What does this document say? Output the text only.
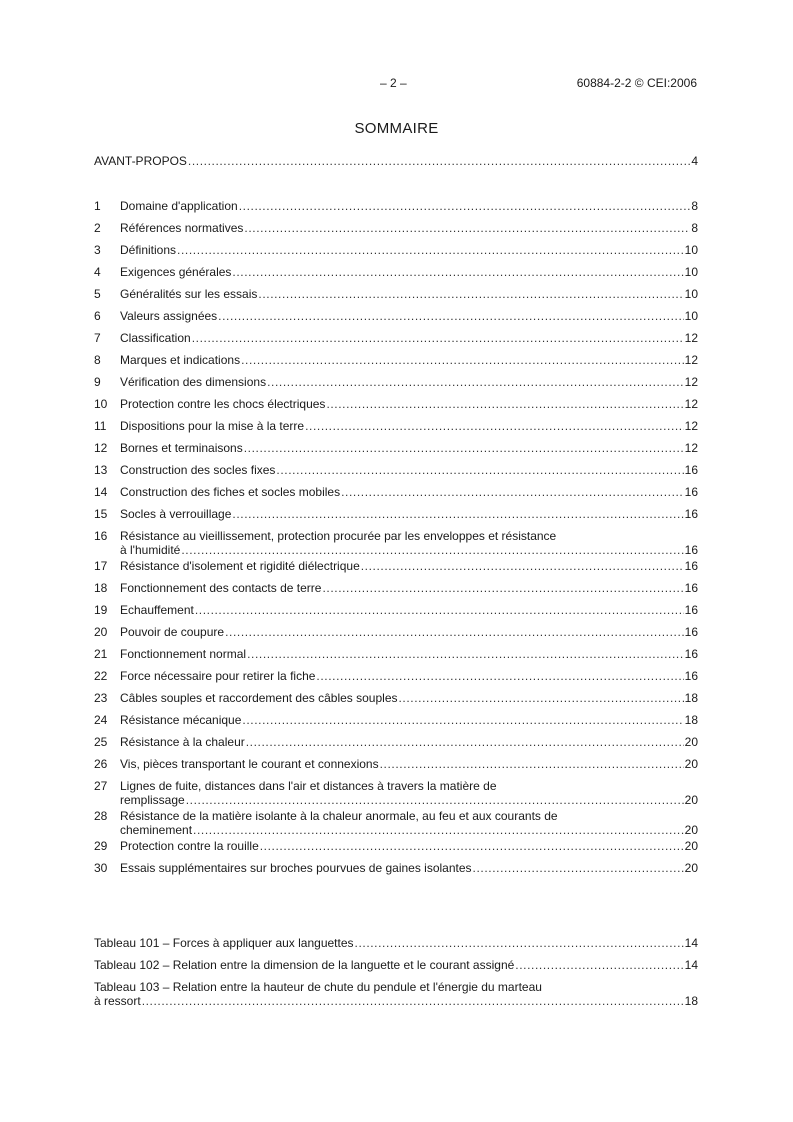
– 2 –	60884-2-2 © CEI:2006
SOMMAIRE
AVANT-PROPOS .....	4
1	Domaine d'application .....	8
2	Références normatives .....	8
3	Définitions .....	10
4	Exigences générales .....	10
5	Généralités sur les essais .....	10
6	Valeurs assignées .....	10
7	Classification .....	12
8	Marques et indications .....	12
9	Vérification des dimensions .....	12
10	Protection contre les chocs électriques .....	12
11	Dispositions pour la mise à la terre .....	12
12	Bornes et terminaisons .....	12
13	Construction des socles fixes .....	16
14	Construction des fiches et socles mobiles .....	16
15	Socles à verrouillage .....	16
16	Résistance au vieillissement, protection procurée par les enveloppes et résistance
à l'humidité .....	16
17	Résistance d'isolement et rigidité diélectrique .....	16
18	Fonctionnement des contacts de terre .....	16
19	Echauffement .....	16
20	Pouvoir de coupure .....	16
21	Fonctionnement normal .....	16
22	Force nécessaire pour retirer la fiche .....	16
23	Câbles souples et raccordement des câbles souples .....	18
24	Résistance mécanique .....	18
25	Résistance à la chaleur .....	20
26	Vis, pièces transportant le courant et connexions .....	20
27	Lignes de fuite, distances dans l'air et distances à travers la matière de
remplissage .....	20
28	Résistance de la matière isolante à la chaleur anormale, au feu et aux courants de
cheminement .....	20
29	Protection contre la rouille .....	20
30	Essais supplémentaires sur broches pourvues de gaines isolantes .....	20
Tableau 101 – Forces à appliquer aux languettes .....	14
Tableau 102 – Relation entre la dimension de la languette et le courant assigné .....	14
Tableau 103 – Relation entre la hauteur de chute du pendule et l'énergie du marteau
à ressort .....	18
